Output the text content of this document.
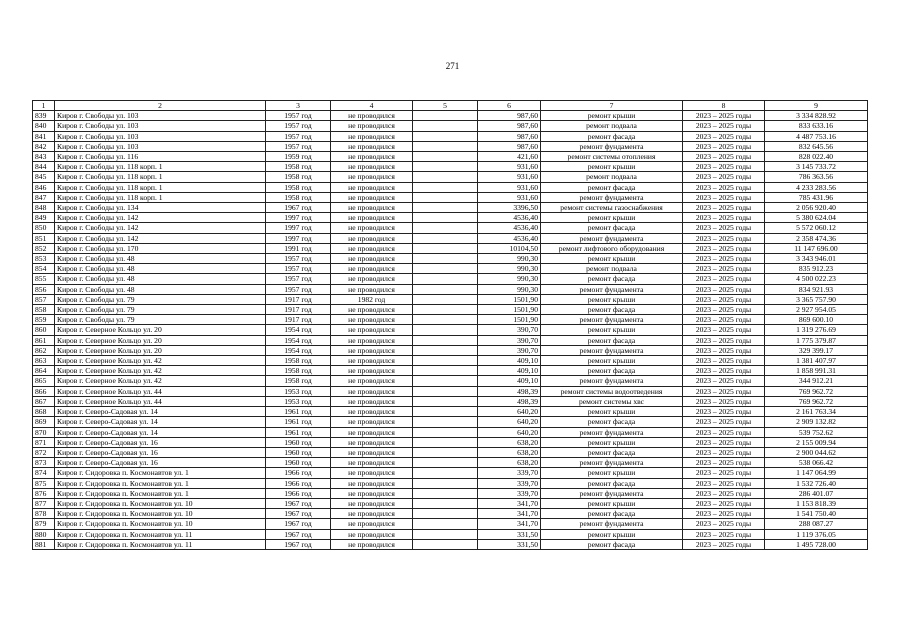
271
1	2	3	4	5	6	7	8	9
839	Киров г. Свободы ул. 103	1957 год	не проводился		987,60	ремонт крыши	2023 – 2025 годы	3 334 828.92
840	Киров г. Свободы ул. 103	1957 год	не проводился		987,60	ремонт подвала	2023 – 2025 годы	833 633.16
841	Киров г. Свободы ул. 103	1957 год	не проводился		987,60	ремонт фасада	2023 – 2025 годы	4 487 753.16
842	Киров г. Свободы ул. 103	1957 год	не проводился		987,60	ремонт фундамента	2023 – 2025 годы	832 645.56
843	Киров г. Свободы ул. 116	1959 год	не проводился		421,60	ремонт системы отопления	2023 – 2025 годы	828 022.40
844	Киров г. Свободы ул. 118 корп. 1	1958 год	не проводился		931,60	ремонт крыши	2023 – 2025 годы	3 145 733.72
845	Киров г. Свободы ул. 118 корп. 1	1958 год	не проводился		931,60	ремонт подвала	2023 – 2025 годы	786 363.56
846	Киров г. Свободы ул. 118 корп. 1	1958 год	не проводился		931,60	ремонт фасада	2023 – 2025 годы	4 233 283.56
847	Киров г. Свободы ул. 118 корп. 1	1958 год	не проводился		931,60	ремонт фундамента	2023 – 2025 годы	785 431.96
848	Киров г. Свободы ул. 134	1967 год	не проводился		3396,50	ремонт системы газоснабжения	2023 – 2025 годы	2 056 920.40
849	Киров г. Свободы ул. 142	1997 год	не проводился		4536,40	ремонт крыши	2023 – 2025 годы	5 380 624.04
850	Киров г. Свободы ул. 142	1997 год	не проводился		4536,40	ремонт фасада	2023 – 2025 годы	5 572 060.12
851	Киров г. Свободы ул. 142	1997 год	не проводился		4536,40	ремонт фундамента	2023 – 2025 годы	2 358 474.36
852	Киров г. Свободы ул. 170	1991 год	не проводился		10104,50	ремонт лифтового оборудования	2023 – 2025 годы	11 147 696.00
853	Киров г. Свободы ул. 48	1957 год	не проводился		990,30	ремонт крыши	2023 – 2025 годы	3 343 946.01
854	Киров г. Свободы ул. 48	1957 год	не проводился		990,30	ремонт подвала	2023 – 2025 годы	835 912.23
855	Киров г. Свободы ул. 48	1957 год	не проводился		990,30	ремонт фасада	2023 – 2025 годы	4 500 022.23
856	Киров г. Свободы ул. 48	1957 год	не проводился		990,30	ремонт фундамента	2023 – 2025 годы	834 921.93
857	Киров г. Свободы ул. 79	1917 год	1982 год		1501,90	ремонт крыши	2023 – 2025 годы	3 365 757.90
858	Киров г. Свободы ул. 79	1917 год	не проводился		1501,90	ремонт фасада	2023 – 2025 годы	2 927 954.05
859	Киров г. Свободы ул. 79	1917 год	не проводился		1501,90	ремонт фундамента	2023 – 2025 годы	869 600.10
860	Киров г. Северное Кольцо ул. 20	1954 год	не проводился		390,70	ремонт крыши	2023 – 2025 годы	1 319 276.69
861	Киров г. Северное Кольцо ул. 20	1954 год	не проводился		390,70	ремонт фасада	2023 – 2025 годы	1 775 379.87
862	Киров г. Северное Кольцо ул. 20	1954 год	не проводился		390,70	ремонт фундамента	2023 – 2025 годы	329 399.17
863	Киров г. Северное Кольцо ул. 42	1958 год	не проводился		409,10	ремонт крыши	2023 – 2025 годы	1 381 407.97
864	Киров г. Северное Кольцо ул. 42	1958 год	не проводился		409,10	ремонт фасада	2023 – 2025 годы	1 858 991.31
865	Киров г. Северное Кольцо ул. 42	1958 год	не проводился		409,10	ремонт фундамента	2023 – 2025 годы	344 912.21
866	Киров г. Северное Кольцо ул. 44	1953 год	не проводился		498,39	ремонт системы водоотведения	2023 – 2025 годы	769 962.72
867	Киров г. Северное Кольцо ул. 44	1953 год	не проводился		498,39	ремонт системы хвс	2023 – 2025 годы	769 962.72
868	Киров г. Северо-Садовая ул. 14	1961 год	не проводился		640,20	ремонт крыши	2023 – 2025 годы	2 161 763.34
869	Киров г. Северо-Садовая ул. 14	1961 год	не проводился		640,20	ремонт фасада	2023 – 2025 годы	2 909 132.82
870	Киров г. Северо-Садовая ул. 14	1961 год	не проводился		640,20	ремонт фундамента	2023 – 2025 годы	539 752.62
871	Киров г. Северо-Садовая ул. 16	1960 год	не проводился		638,20	ремонт крыши	2023 – 2025 годы	2 155 009.94
872	Киров г. Северо-Садовая ул. 16	1960 год	не проводился		638,20	ремонт фасада	2023 – 2025 годы	2 900 044.62
873	Киров г. Северо-Садовая ул. 16	1960 год	не проводился		638,20	ремонт фундамента	2023 – 2025 годы	538 066.42
874	Киров г. Сидоровка п. Космонавтов ул. 1	1966 год	не проводился		339,70	ремонт крыши	2023 – 2025 годы	1 147 064.99
875	Киров г. Сидоровка п. Космонавтов ул. 1	1966 год	не проводился		339,70	ремонт фасада	2023 – 2025 годы	1 532 726.40
876	Киров г. Сидоровка п. Космонавтов ул. 1	1966 год	не проводился		339,70	ремонт фундамента	2023 – 2025 годы	286 401.07
877	Киров г. Сидоровка п. Космонавтов ул. 10	1967 год	не проводился		341,70	ремонт крыши	2023 – 2025 годы	1 153 818.39
878	Киров г. Сидоровка п. Космонавтов ул. 10	1967 год	не проводился		341,70	ремонт фасада	2023 – 2025 годы	1 541 750.40
879	Киров г. Сидоровка п. Космонавтов ул. 10	1967 год	не проводился		341,70	ремонт фундамента	2023 – 2025 годы	288 087.27
880	Киров г. Сидоровка п. Космонавтов ул. 11	1967 год	не проводился		331,50	ремонт крыши	2023 – 2025 годы	1 119 376.05
881	Киров г. Сидоровка п. Космонавтов ул. 11	1967 год	не проводился		331,50	ремонт фасада	2023 – 2025 годы	1 495 728.00
